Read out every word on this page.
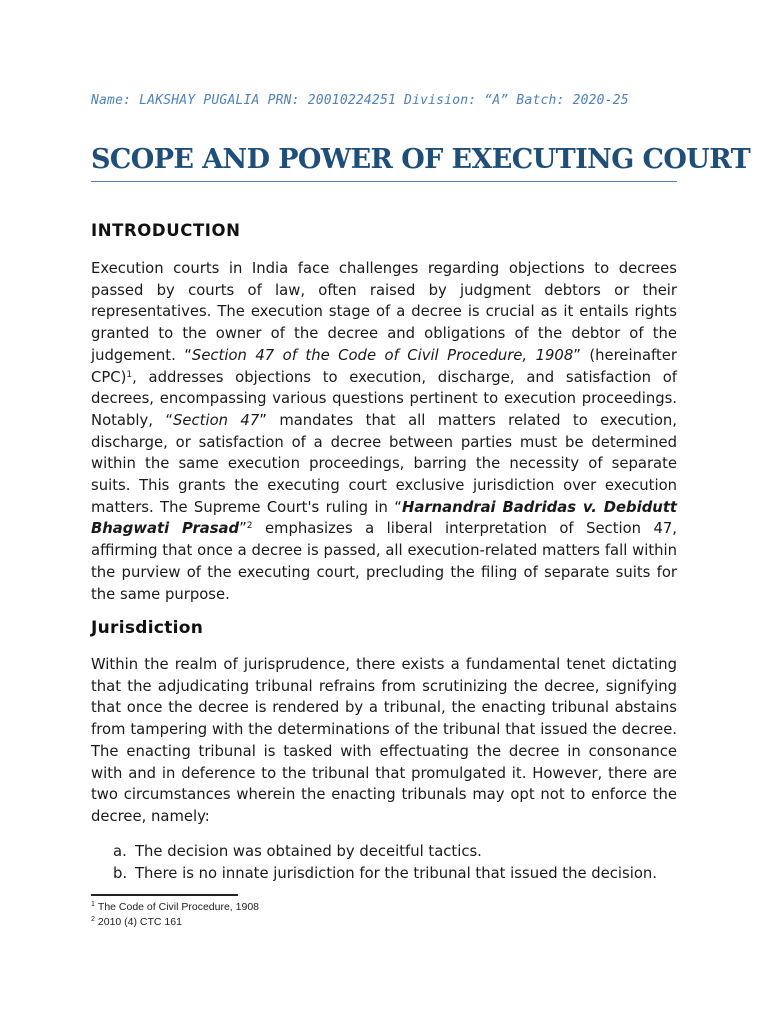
Name: LAKSHAY PUGALIA PRN: 20010224251 Division: “A” Batch: 2020-25
SCOPE AND POWER OF EXECUTING COURT
INTRODUCTION

Execution courts in India face challenges regarding objections to decrees passed by courts of law, often raised by judgment debtors or their representatives. The execution stage of a decree is crucial as it entails rights granted to the owner of the decree and obligations of the debtor of the judgement. “Section 47 of the Code of Civil Procedure, 1908” (hereinafter CPC)$^1$, addresses objections to execution, discharge, and satisfaction of decrees, encompassing various questions pertinent to execution proceedings. Notably, “Section 47” mandates that all matters related to execution, discharge, or satisfaction of a decree between parties must be determined within the same execution proceedings, barring the necessity of separate suits. This grants the executing court exclusive jurisdiction over execution matters. The Supreme Court's ruling in “Harnandrai Badridas v. Debidutt Bhagwati Prasad”$^2$ emphasizes a liberal interpretation of Section 47, affirming that once a decree is passed, all execution-related matters fall within the purview of the executing court, precluding the filing of separate suits for the same purpose.

Jurisdiction

Within the realm of jurisprudence, there exists a fundamental tenet dictating that the adjudicating tribunal refrains from scrutinizing the decree, signifying that once the decree is rendered by a tribunal, the enacting tribunal abstains from tampering with the determinations of the tribunal that issued the decree. The enacting tribunal is tasked with effectuating the decree in consonance with and in deference to the tribunal that promulgated it. However, there are two circumstances wherein the enacting tribunals may opt not to enforce the decree, namely:

a. The decision was obtained by deceitful tactics.
b. There is no innate jurisdiction for the tribunal that issued the decision.
$^1$ The Code of Civil Procedure, 1908
$^2$ 2010 (4) CTC 161
